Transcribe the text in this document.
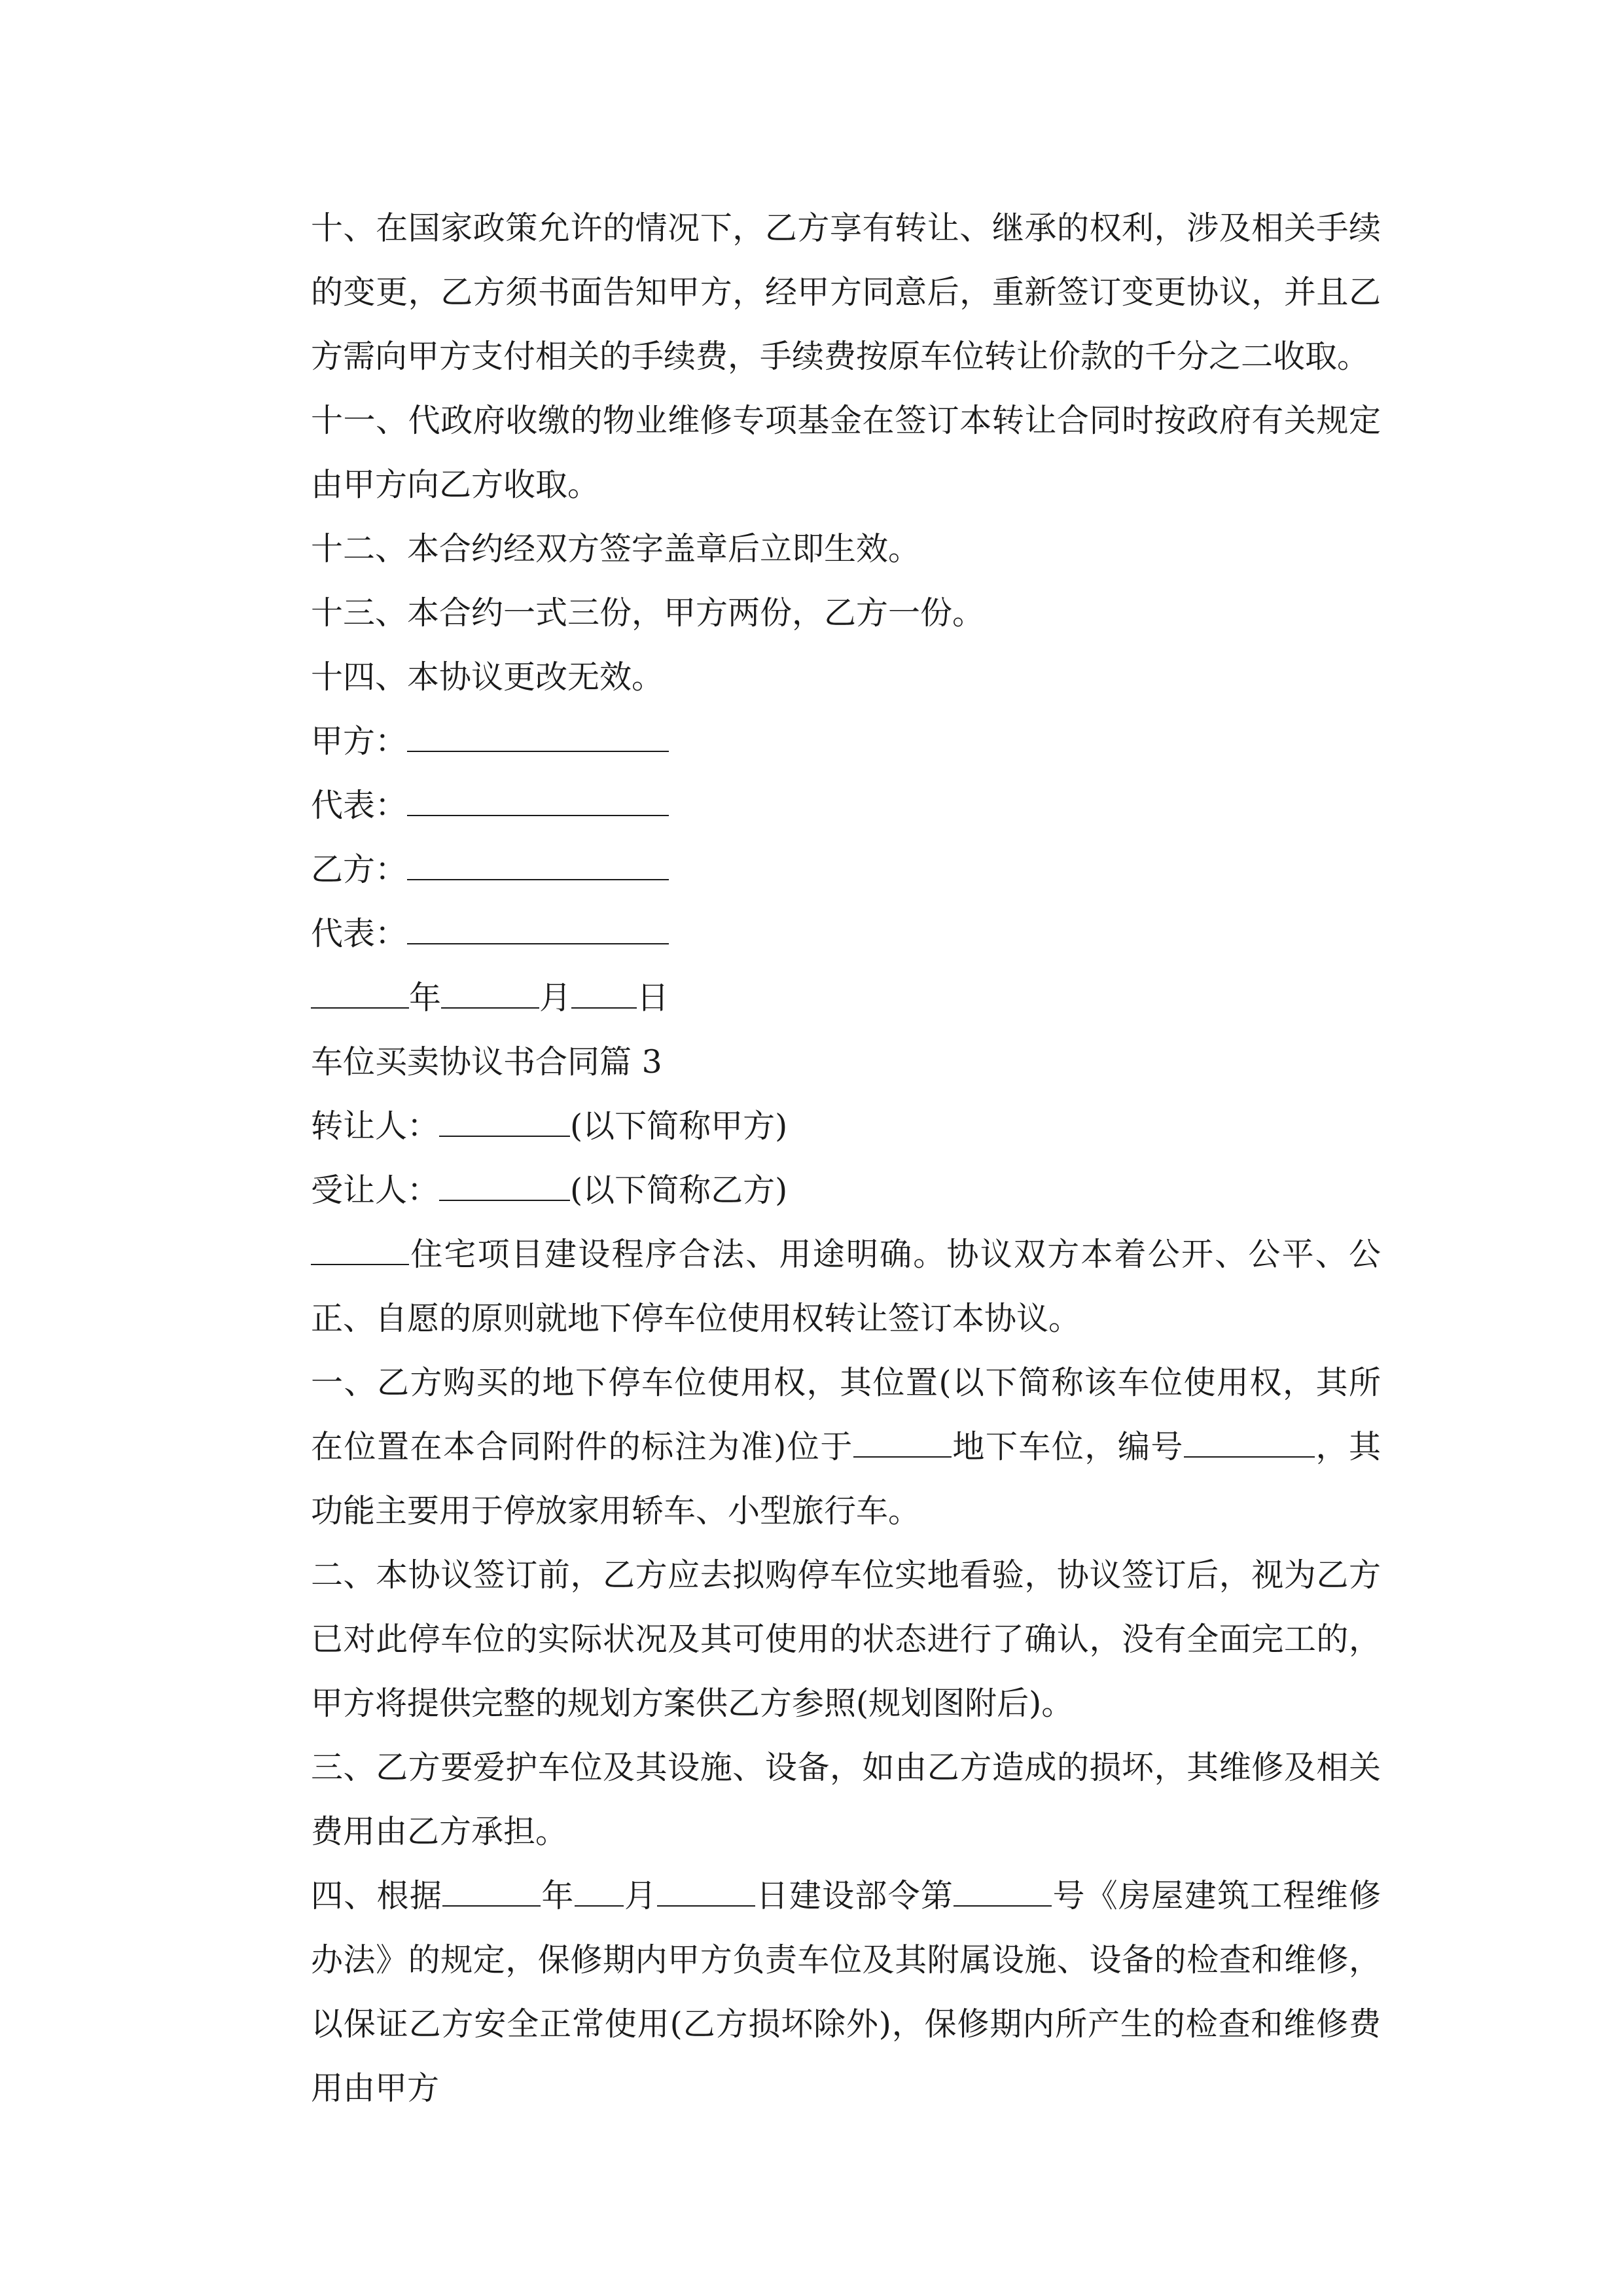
十、在国家政策允许的情况下，乙方享有转让、继承的权利，涉及相关手续的变更，乙方须书面告知甲方，经甲方同意后，重新签订变更协议，并且乙方需向甲方支付相关的手续费，手续费按原车位转让价款的千分之二收取。

十一、代政府收缴的物业维修专项基金在签订本转让合同时按政府有关规定由甲方向乙方收取。

十二、本合约经双方签字盖章后立即生效。

十三、本合约一式三份，甲方两份，乙方一份。

十四、本协议更改无效。

甲方：

代表：

乙方：

代表：

年	月 日

车位买卖协议书合同篇 3

转让人：	(以下简称甲方)

受让人：	(以下简称乙方)

住宅项目建设程序合法、用途明确。协议双方本着公开、公平、公正、自愿的原则就地下停车位使用权转让签订本协议。

一、乙方购买的地下停车位使用权，其位置(以下简称该车位使用权，其所在位置在本合同附件的标注为准)位于	地下车位，编号	，其功能主要用于停放家用轿车、小型旅行车。

二、本协议签订前，乙方应去拟购停车位实地看验，协议签订后，视为乙方已对此停车位的实际状况及其可使用的状态进行了确认，没有全面完工的，甲方将提供完整的规划方案供乙方参照(规划图附后)。

三、乙方要爱护车位及其设施、设备，如由乙方造成的损坏，其维修及相关费用由乙方承担。

四、根据	年 月	日建设部令第	号《房屋建筑工程维修办法》的规定，保修期内甲方负责车位及其附属设施、设备的检查和维修，以保证乙方安全正常使用(乙方损坏除外)，保修期内所产生的检查和维修费用由甲方
